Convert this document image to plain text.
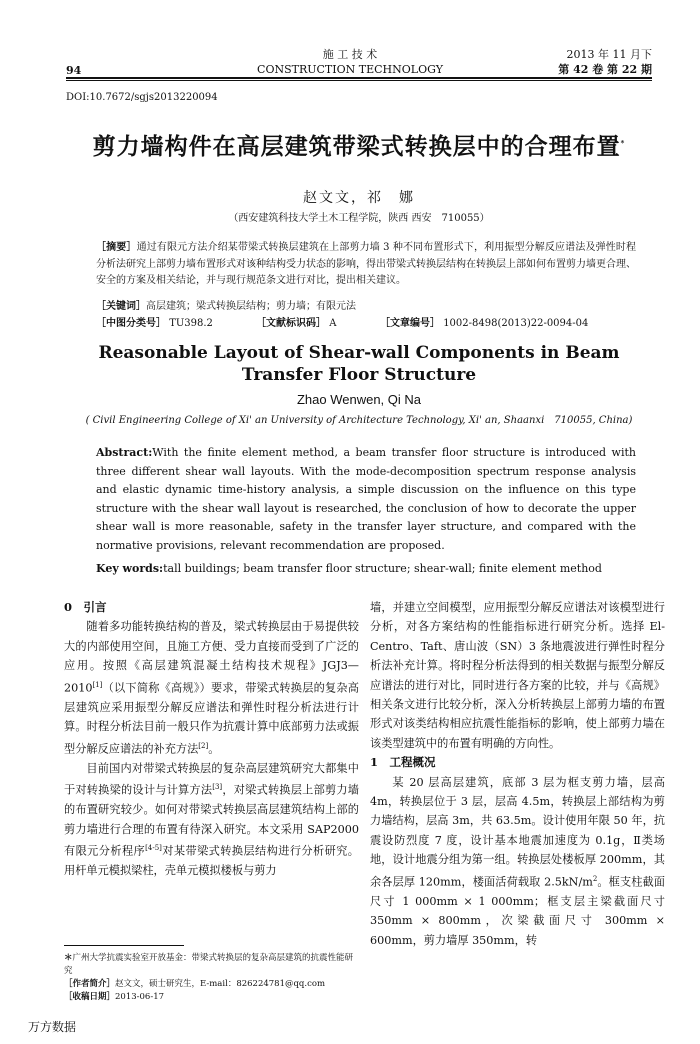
94
施 工 技 术
CONSTRUCTION TECHNOLOGY
2013 年 11 月下
第 42 卷 第 22 期
DOI:10.7672/sgjs2013220094
剪力墙构件在高层建筑带梁式转换层中的合理布置*
赵文文，祁　娜
（西安建筑科技大学土木工程学院，陕西 西安　710055）
［摘要］通过有限元方法介绍某带梁式转换层建筑在上部剪力墙 3 种不同布置形式下，利用振型分解反应谱法及弹性时程分析法研究上部剪力墙布置形式对该种结构受力状态的影响，得出带梁式转换层结构在转换层上部如何布置剪力墙更合理、安全的方案及相关结论，并与现行规范条文进行对比，提出相关建议。
［关键词］高层建筑；梁式转换层结构；剪力墙；有限元法
［中图分类号］ TU398.2	［文献标识码］ A	［文章编号］ 1002-8498(2013)22-0094-04
Reasonable Layout of Shear-wall Components in Beam
Transfer Floor Structure
Zhao Wenwen, Qi Na
( Civil Engineering College of Xi' an University of Architecture Technology, Xi' an, Shaanxi　710055, China)
Abstract:With the finite element method, a beam transfer floor structure is introduced with three different shear wall layouts. With the mode-decomposition spectrum response analysis and elastic dynamic time-history analysis, a simple discussion on the influence on this type structure with the shear wall layout is researched, the conclusion of how to decorate the upper shear wall is more reasonable, safety in the transfer layer structure, and compared with the normative provisions, relevant recommendation are proposed.
Key words:tall buildings; beam transfer floor structure; shear-wall; finite element method
0　引言

随着多功能转换结构的普及，梁式转换层由于易提供较大的内部使用空间，且施工方便、受力直接而受到了广泛的应用。按照《高层建筑混凝土结构技术规程》JGJ3—2010[1]（以下简称《高规》）要求，带梁式转换层的复杂高层建筑应采用振型分解反应谱法和弹性时程分析法进行计算。时程分析法目前一般只作为抗震计算中底部剪力法或振型分解反应谱法的补充方法[2]。

目前国内对带梁式转换层的复杂高层建筑研究大都集中于对转换梁的设计与计算方法[3]，对梁式转换层上部剪力墙的布置研究较少。如何对带梁式转换层高层建筑结构上部的剪力墙进行合理的布置有待深入研究。本文采用 SAP2000 有限元分析程序[4-5]对某带梁式转换层结构进行分析研究。用杆单元模拟梁柱，壳单元模拟楼板与剪力

墙，并建立空间模型，应用振型分解反应谱法对该模型进行分析，对各方案结构的性能指标进行研究分析。选择 El-Centro、Taft、唐山波（SN）3 条地震波进行弹性时程分析法补充计算。将时程分析法得到的相关数据与振型分解反应谱法的进行对比，同时进行各方案的比较，并与《高规》相关条文进行比较分析，深入分析转换层上部剪力墙的布置形式对该类结构相应抗震性能指标的影响，使上部剪力墙在该类型建筑中的布置有明确的方向性。

1　工程概况

某 20 层高层建筑，底部 3 层为框支剪力墙，层高 4m，转换层位于 3 层，层高 4.5m，转换层上部结构为剪力墙结构，层高 3m，共 63.5m。设计使用年限 50 年，抗震设防烈度 7 度，设计基本地震加速度为 0.1g，Ⅱ类场地，设计地震分组为第一组。转换层处楼板厚 200mm，其余各层厚 120mm，楼面活荷载取 $2.5kN/m^2$。框支柱截面尺寸 1 000mm × 1 000mm；框支层主梁截面尺寸 350mm × 800mm，次梁截面尺寸 300mm × 600mm，剪力墙厚 350mm，转

＊广州大学抗震实验室开放基金：带梁式转换层的复杂高层建筑的抗震性能研究
［作者简介］赵文文，硕士研究生，E-mail：826224781@qq.com
［收稿日期］2013-06-17
万方数据
